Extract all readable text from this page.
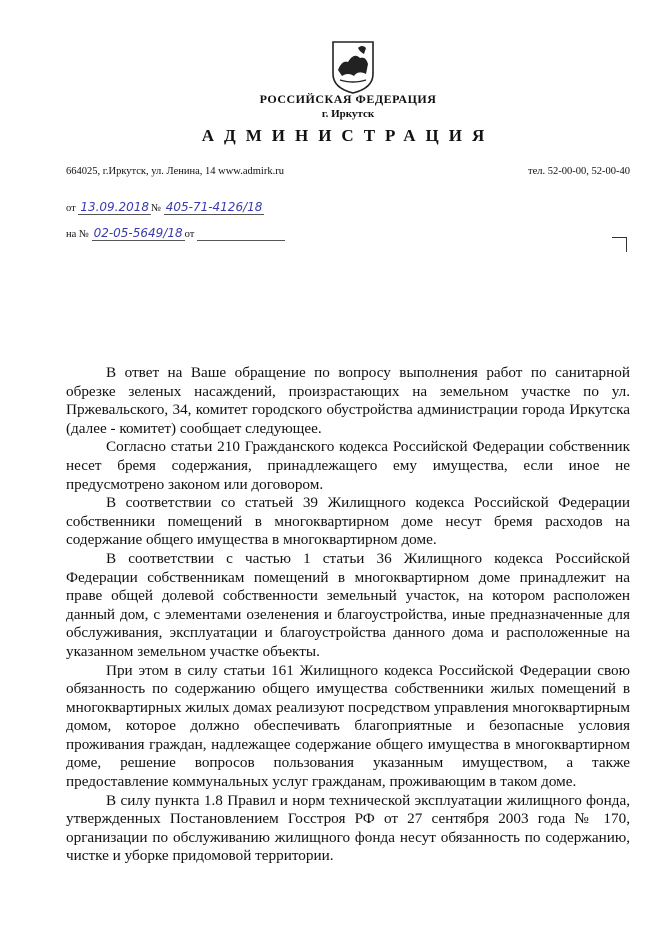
РОССИЙСКАЯ ФЕДЕРАЦИЯ
г. Иркутск
АДМИНИСТРАЦИЯ
664025, г.Иркутск, ул. Ленина, 14 www.admirk.ru	тел. 52-00-00, 52-00-40
от 13.09.2018 № 405-71-4126/18
на № 02-05-5649/18 от

В ответ на Ваше обращение по вопросу выполнения работ по санитарной обрезке зеленых насаждений, произрастающих на земельном участке по ул. Пржевальского, 34, комитет городского обустройства администрации города Иркутска (далее - комитет) сообщает следующее.

Согласно статьи 210 Гражданского кодекса Российской Федерации собственник несет бремя содержания, принадлежащего ему имущества, если иное не предусмотрено законом или договором.

В соответствии со статьей 39 Жилищного кодекса Российской Федерации собственники помещений в многоквартирном доме несут бремя расходов на содержание общего имущества в многоквартирном доме.

В соответствии с частью 1 статьи 36 Жилищного кодекса Российской Федерации собственникам помещений в многоквартирном доме принадлежит на праве общей долевой собственности земельный участок, на котором расположен данный дом, с элементами озеленения и благоустройства, иные предназначенные для обслуживания, эксплуатации и благоустройства данного дома и расположенные на указанном земельном участке объекты.

При этом в силу статьи 161 Жилищного кодекса Российской Федерации свою обязанность по содержанию общего имущества собственники жилых помещений в многоквартирных жилых домах реализуют посредством управления многоквартирным домом, которое должно обеспечивать благоприятные и безопасные условия проживания граждан, надлежащее содержание общего имущества в многоквартирном доме, решение вопросов пользования указанным имуществом, а также предоставление коммунальных услуг гражданам, проживающим в таком доме.

В силу пункта 1.8 Правил и норм технической эксплуатации жилищного фонда, утвержденных Постановлением Госстроя РФ от 27 сентября 2003 года № 170, организации по обслуживанию жилищного фонда несут обязанность по содержанию, чистке и уборке придомовой территории.
